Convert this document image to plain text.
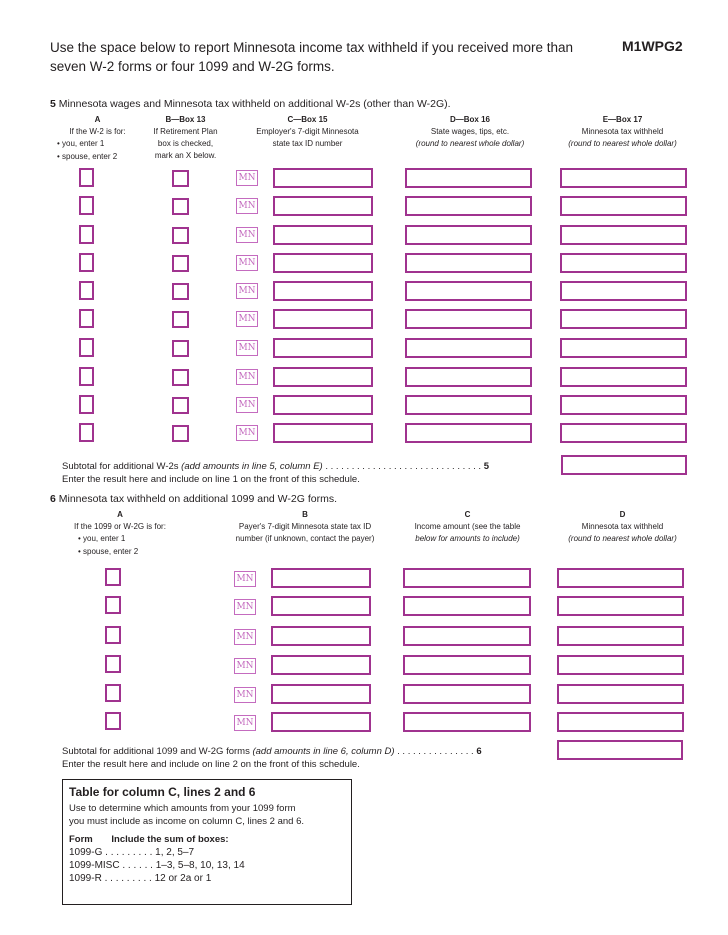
Use the space below to report Minnesota income tax withheld if you received more than seven W-2 forms or four 1099 and W-2G forms.
M1WPG2
5 Minnesota wages and Minnesota tax withheld on additional W-2s (other than W-2G).
A
If the W-2 is for:
• you, enter 1
• spouse, enter 2
B—Box 13
If Retirement Plan
box is checked,
mark an X below.
C—Box 15
Employer's 7-digit Minnesota
state tax ID number
D—Box 16
State wages, tips, etc.
(round to nearest whole dollar)
E—Box 17
Minnesota tax withheld
(round to nearest whole dollar)
MN
MN
MN
MN
MN
MN
MN
MN
MN
MN
Subtotal for additional W-2s (add amounts in line 5, column E) . . . . . . . . . . . . . . . . . . . . . . . . . . . . . . 5
Enter the result here and include on line 1 on the front of this schedule.
6 Minnesota tax withheld on additional 1099 and W-2G forms.
A
If the 1099 or W-2G is for:
• you, enter 1
• spouse, enter 2
B
Payer's 7-digit Minnesota state tax ID
number (if unknown, contact the payer)
C
Income amount (see the table
below for amounts to include)
D
Minnesota tax withheld
(round to nearest whole dollar)
MN
MN
MN
MN
MN
MN
Subtotal for additional 1099 and W-2G forms (add amounts in line 6, column D) . . . . . . . . . . . . . . . 6
Enter the result here and include on line 2 on the front of this schedule.
Table for column C, lines 2 and 6
Use to determine which amounts from your 1099 form
you must include as income on column C, lines 2 and 6.
Form Include the sum of boxes:
1099-G . . . . . . . . . 1, 2, 5–7
1099-MISC . . . . . . 1–3, 5–8, 10, 13, 14
1099-R . . . . . . . . . 12 or 2a or 1
